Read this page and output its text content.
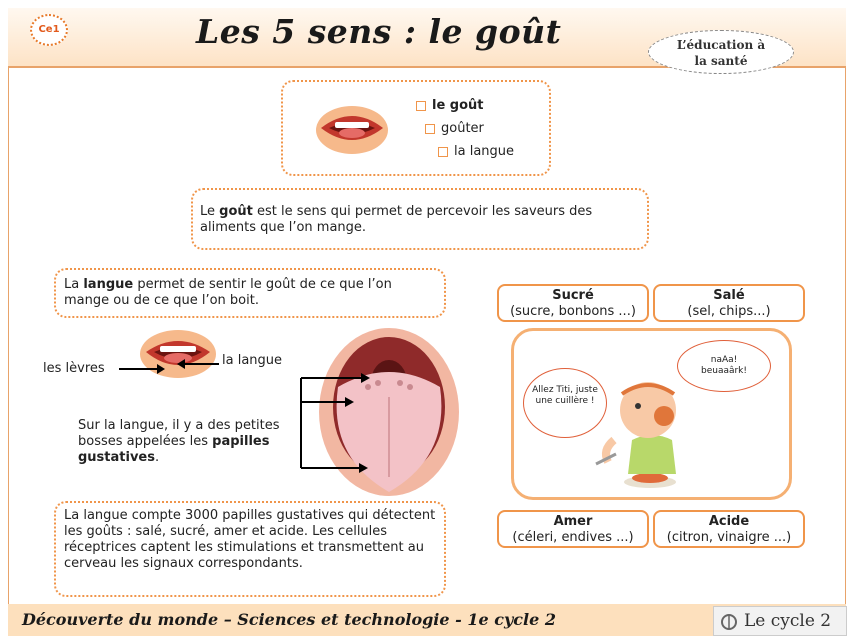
Ce1	Les 5 sens : le goût	L’éducation à
la santé
le goût
goûter
la langue
Le goût est le sens qui permet de percevoir les saveurs des aliments que l’on mange.
La langue permet de sentir le goût de ce que l’on mange ou de ce que l’on boit.
les lèvres
la langue
Sur la langue, il y a des petites bosses appelées les papilles gustatives.
La langue compte 3000 papilles gustatives qui détectent les goûts : salé, sucré, amer et acide. Les cellules réceptrices captent les stimulations et transmettent au cerveau les signaux correspondants.
Sucré
(sucre, bonbons ...)
Salé
(sel, chips...)
Amer
(céleri, endives ...)
Acide
(citron, vinaigre ...)
Allez Titi, juste une cuillère !
naAa!
beuaaârk!
Découverte du monde – Sciences et technologie - 1e cycle 2	Le cycle 2
